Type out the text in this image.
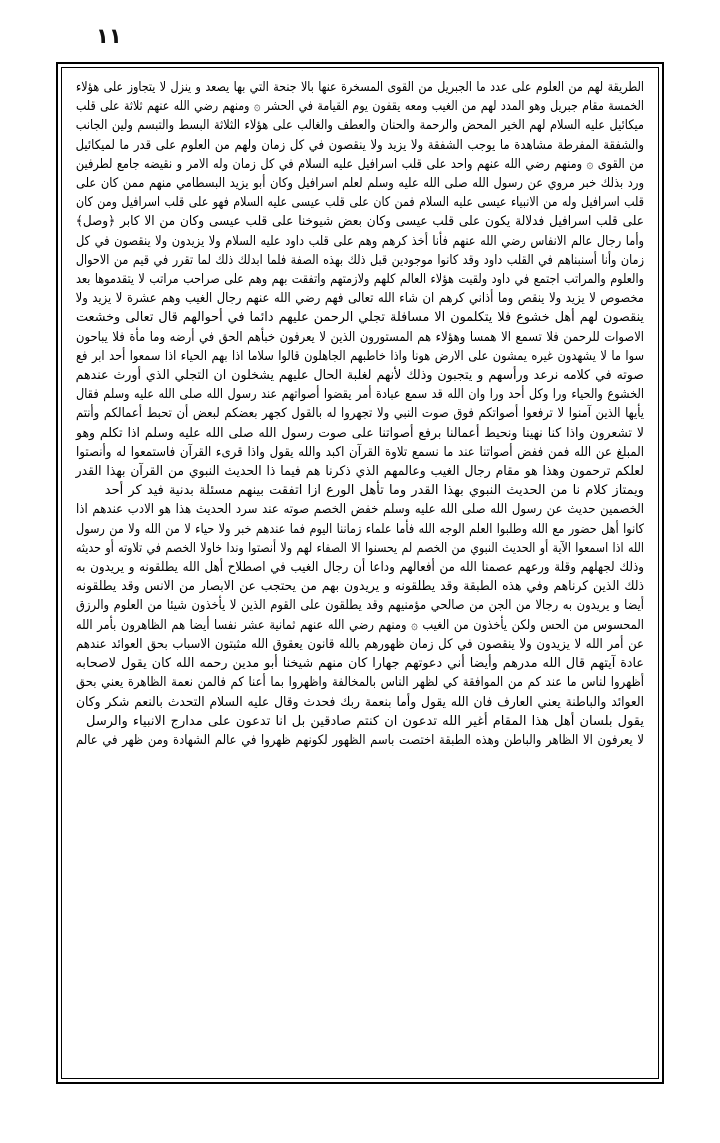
١١
الطريقة لهم من العلوم على عدد ما الجبريل من القوى المسخرة عنها بالا جنحة التي بها يصعد و ينزل لا يتجاوز على هؤلاء
الخمسة مقام جبريل وهو المدد لهم من الغيب ومعه يقفون يوم القيامة في الحشر ۞ ومنهم رضي الله عنهم ثلاثة على قلب
ميكائيل عليه السلام لهم الخير المحض والرحمة والحنان والعطف والغالب على هؤلاء الثلاثة البسط والتبسم ولين الجانب
والشفقة المفرطة مشاهدة ما يوجب الشفقة ولا يزيد ولا ينقصون في كل زمان ولهم من العلوم على قدر ما لميكائيل
من القوى ۞ ومنهم رضي الله عنهم واحد على قلب اسرافيل عليه السلام في كل زمان وله الامر و نقيضه جامع لطرفين
ورد بذلك خبر مروي عن رسول الله صلى الله عليه وسلم لعلم اسرافيل وكان أبو يزيد البسطامي منهم ممن كان على
قلب اسرافيل وله من الانبياء عيسى عليه السلام فمن كان على قلب عيسى عليه السلام فهو على قلب اسرافيل ومن كان
على قلب اسرافيل فدلالة يكون على قلب عيسى وكان بعض شيوخنا على قلب عيسى وكان من الا كابر ﴿وصل﴾
وأما رجال عالم الانفاس رضي الله عنهم فأنا أخذ كرهم وهم على قلب داود عليه السلام ولا يزيدون ولا ينقصون في كل
زمان وأنا أسنبناهم في القلب داود وقد كانوا موجودين قبل ذلك بهذه الصفة فلما ابدلك ذلك لما تقرر في قيم من الاحوال
والعلوم والمراتب اجتمع في داود ولقيت هؤلاء العالم كلهم ولازمتهم واتفقت بهم وهم على صراحب مراتب لا يتقدموها بعد
مخصوص لا يزيد ولا ينقص وما أذاني كرهم ان شاء الله تعالى فهم رضي الله عنهم رجال الغيب وهم عشرة لا يزيد ولا
ينقصون لهم أهل خشوع فلا يتكلمون الا مسافلة تجلي الرحمن عليهم دائما في أحوالهم قال تعالى وخشعت
الاصوات للرحمن فلا تسمع الا همسا وهؤلاء هم المستورون الذين لا يعرفون خبأهم الحق في أرضه وما مأة فلا يباحون
سوا ما لا يشهدون غيره يمشون على الارض هونا واذا خاطبهم الجاهلون قالوا سلاما اذا بهم الحياء اذا سمعوا أحد ابر فع
صوته في كلامه نرعد ورأسهم و يتجبون وذلك لأنهم لغلبة الحال عليهم يشخلون ان التجلي الذي أورث عندهم
الخشوع والحياء ورا وكل أحد ورا وان الله قد سمع عبادة أمر يقضوا أصواتهم عند رسول الله صلى الله عليه وسلم فقال
يأيها الذين آمنوا لا ترفعوا أصواتكم فوق صوت النبي ولا تجهروا له بالقول كجهر بعضكم لبعض أن تحبط أعمالكم وأنتم
لا تشعرون واذا كنا نهينا ونحيط أعمالنا برفع أصواتنا على صوت رسول الله صلى الله عليه وسلم اذا تكلم وهو
المبلغ عن الله فمن ففض أصواتنا عند ما نسمع تلاوة القرآن اكبد والله يقول واذا قرىء القرآن فاستمعوا له وأنصتوا
لعلكم ترحمون وهذا هو مقام رجال الغيب وعالمهم الذي ذكرنا هم فيما ذا الحديث النبوي من القرآن بهذا القدر
ويمتاز كلام نا من الحديث النبوي بهذا القدر وما تأهل الورع ازا اتفقت بينهم مسئلة بدنية فيد كر أحد
الخصمين حديث عن رسول الله صلى الله عليه وسلم خفض الخصم صوته عند سرد الحديث هذا هو الادب عندهم اذا
كانوا أهل حضور مع الله وطلبوا العلم الوجه الله فأما علماء زماننا اليوم فما عندهم خبر ولا حياء لا من الله ولا من رسول
الله اذا اسمعوا الآية أو الحديث النبوي من الخصم لم يحسنوا الا الصفاء لهم ولا أنصتوا وندا خاولا الخصم في تلاوته أو حديثه
وذلك لجهلهم وقلة ورعهم عصمنا الله من أفعالهم وداعا أن رجال الغيب في اصطلاح أهل الله يطلقونه و يريدون به
ذلك الذين كرناهم وفي هذه الطبقة وقد يطلقونه و يريدون بهم من يحتجب عن الابصار من الانس وقد يطلقونه
أيضا و يريدون به رجالا من الجن من صالحي مؤمنيهم وقد يطلقون على القوم الذين لا يأخذون شيئا من العلوم والرزق
المحسوس من الحس ولكن يأخذون من الغيب ۞ ومنهم رضي الله عنهم ثمانية عشر نفسا أيضا هم الظاهرون بأمر الله
عن أمر الله لا يزيدون ولا ينقصون في كل زمان ظهورهم بالله قانون يعقوق الله مثبتون الاسباب بحق العوائد عندهم
عادة آيتهم قال الله مدرهم وأيضا أني دعوتهم جهارا كان منهم شيخنا أبو مدين رحمه الله كان يقول لاصحابه
أظهروا لناس ما عند كم من الموافقة كي لظهر الناس بالمخالفة واظهروا بما أعنا كم فالمن نعمة الظاهرة يعني بحق
العوائد والباطنة يعني العارف فان الله يقول وأما بنعمة ربك فحدث وقال عليه السلام التحدث بالنعم شكر وكان
يقول بلسان أهل هذا المقام أغير الله تدعون ان كنتم صادقين بل انا تدعون على مدارج الانبياء والرسل
لا يعرفون الا الظاهر والباطن وهذه الطبقة اختصت باسم الظهور لكونهم ظهروا في عالم الشهادة ومن ظهر في عالم
